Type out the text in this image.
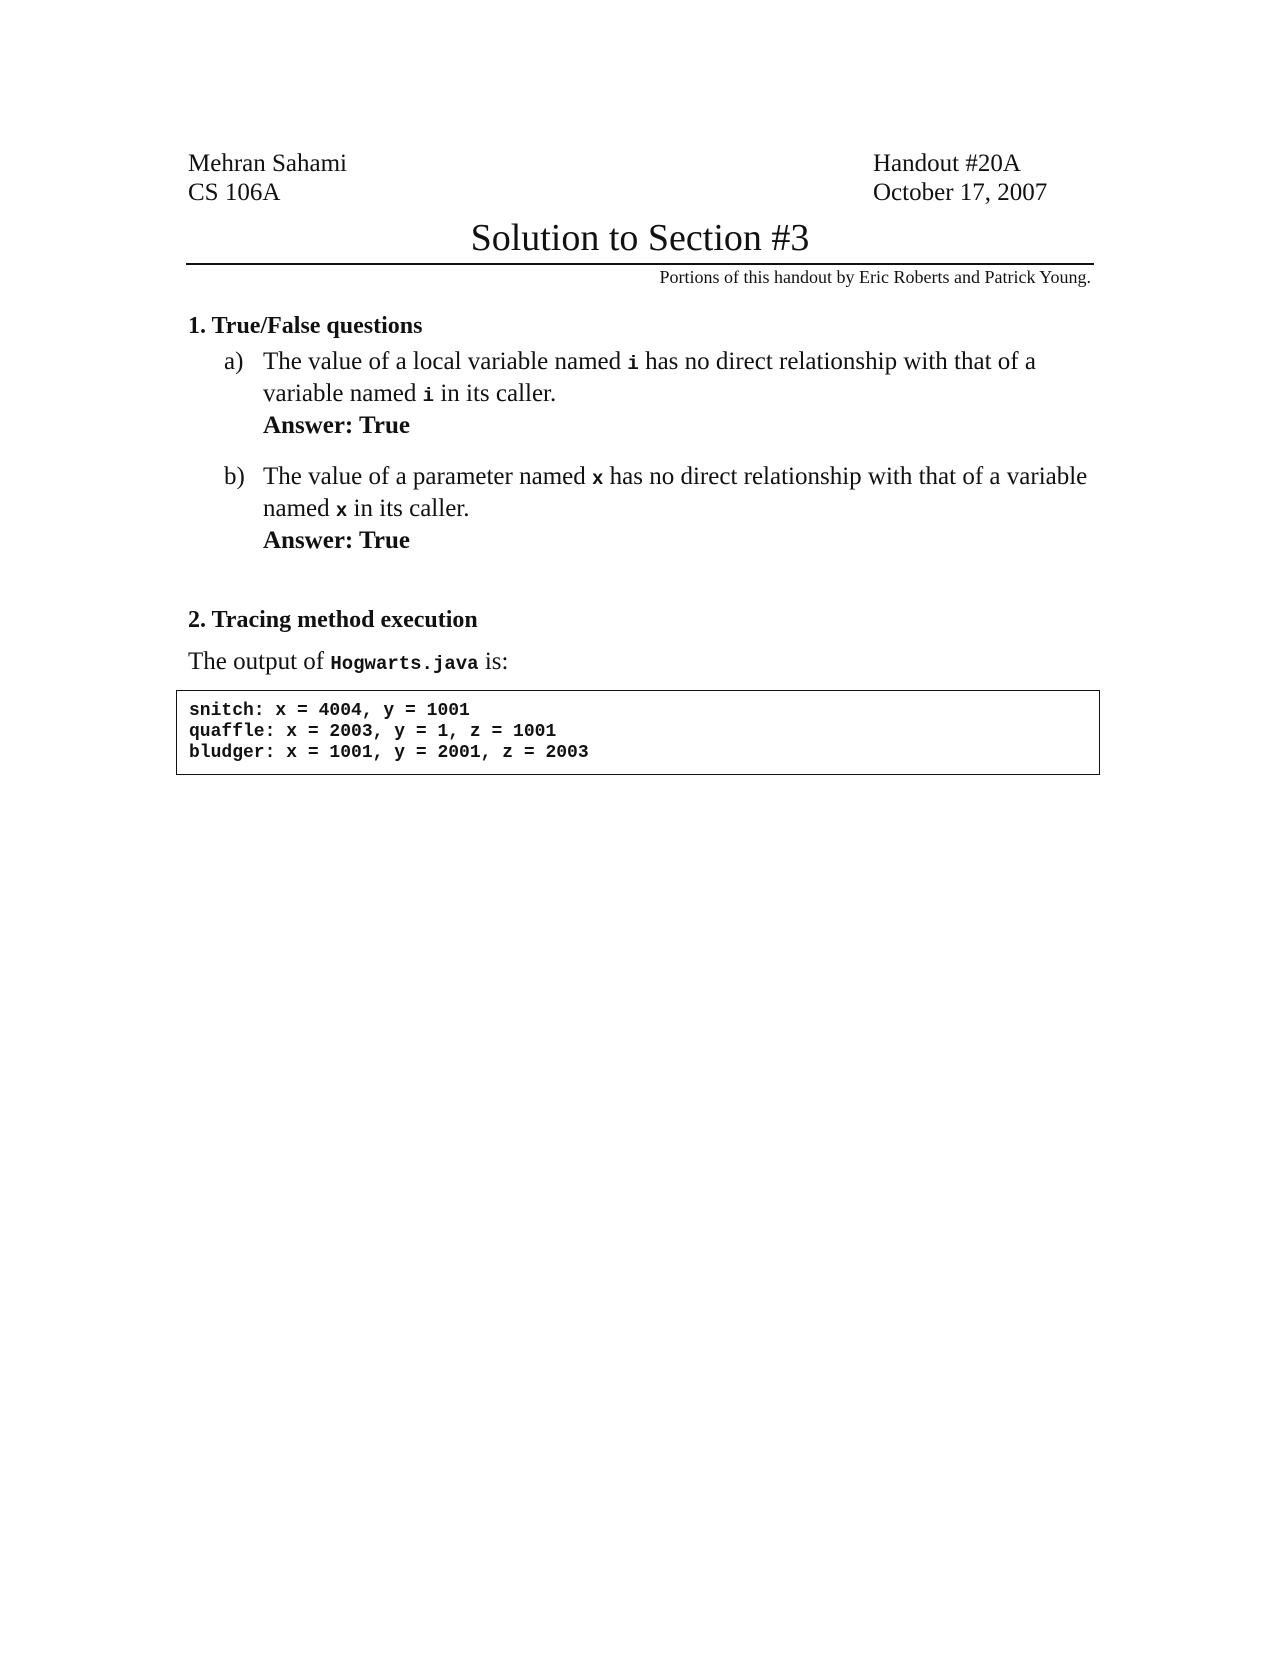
Mehran Sahami
CS 106A
Handout #20A
October 17, 2007
Solution to Section #3
Portions of this handout by Eric Roberts and Patrick Young.
1. True/False questions
a) The value of a local variable named i has no direct relationship with that of a variable named i in its caller.
Answer: True
b) The value of a parameter named x has no direct relationship with that of a variable named x in its caller.
Answer: True
2. Tracing method execution
The output of Hogwarts.java is:
snitch: x = 4004, y = 1001
quaffle: x = 2003, y = 1, z = 1001
bludger: x = 1001, y = 2001, z = 2003
